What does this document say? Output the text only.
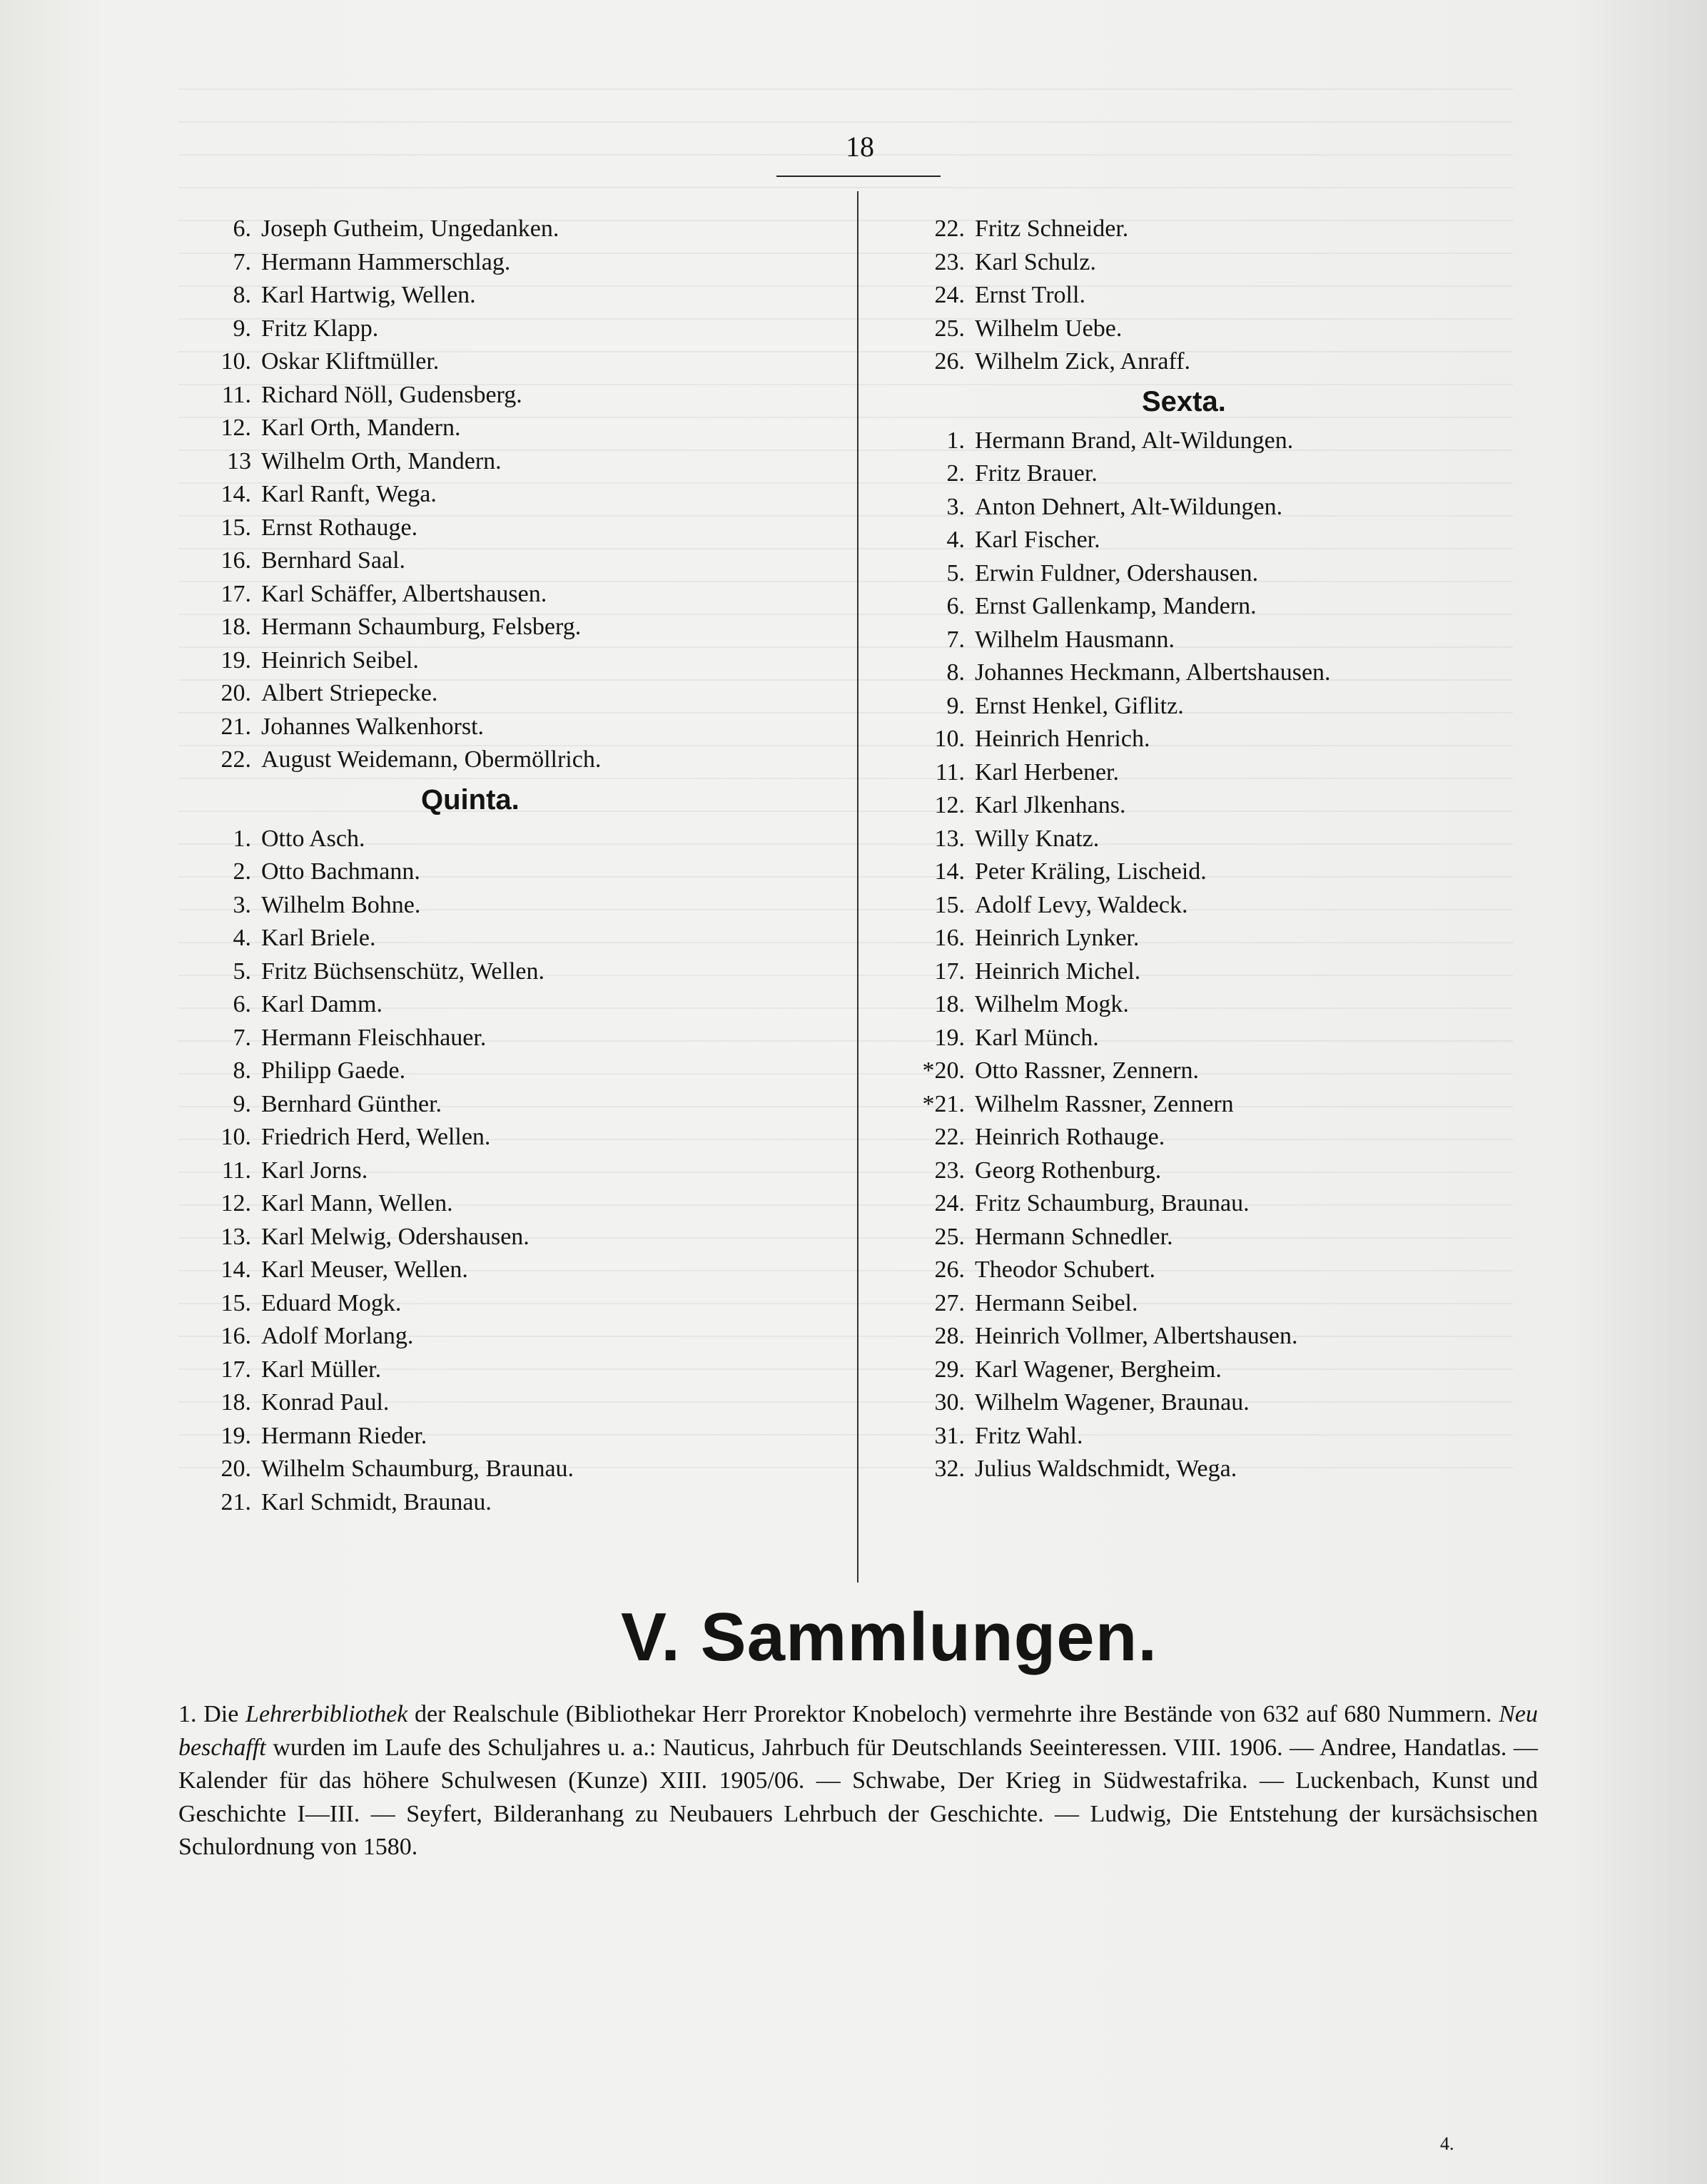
18
6. Joseph Gutheim, Ungedanken.
7. Hermann Hammerschlag.
8. Karl Hartwig, Wellen.
9. Fritz Klapp.
10. Oskar Kliftmüller.
11. Richard Nöll, Gudensberg.
12. Karl Orth, Mandern.
13 Wilhelm Orth, Mandern.
14. Karl Ranft, Wega.
15. Ernst Rothauge.
16. Bernhard Saal.
17. Karl Schäffer, Albertshausen.
18. Hermann Schaumburg, Felsberg.
19. Heinrich Seibel.
20. Albert Striepecke.
21. Johannes Walkenhorst.
22. August Weidemann, Obermöllrich.
Quinta.
1. Otto Asch.
2. Otto Bachmann.
3. Wilhelm Bohne.
4. Karl Briele.
5. Fritz Büchsenschütz, Wellen.
6. Karl Damm.
7. Hermann Fleischhauer.
8. Philipp Gaede.
9. Bernhard Günther.
10. Friedrich Herd, Wellen.
11. Karl Jorns.
12. Karl Mann, Wellen.
13. Karl Melwig, Odershausen.
14. Karl Meuser, Wellen.
15. Eduard Mogk.
16. Adolf Morlang.
17. Karl Müller.
18. Konrad Paul.
19. Hermann Rieder.
20. Wilhelm Schaumburg, Braunau.
21. Karl Schmidt, Braunau.
22. Fritz Schneider.
23. Karl Schulz.
24. Ernst Troll.
25. Wilhelm Uebe.
26. Wilhelm Zick, Anraff.
Sexta.
1. Hermann Brand, Alt-Wildungen.
2. Fritz Brauer.
3. Anton Dehnert, Alt-Wildungen.
4. Karl Fischer.
5. Erwin Fuldner, Odershausen.
6. Ernst Gallenkamp, Mandern.
7. Wilhelm Hausmann.
8. Johannes Heckmann, Albertshausen.
9. Ernst Henkel, Giflitz.
10. Heinrich Henrich.
11. Karl Herbener.
12. Karl Jlkenhans.
13. Willy Knatz.
14. Peter Kräling, Lischeid.
15. Adolf Levy, Waldeck.
16. Heinrich Lynker.
17. Heinrich Michel.
18. Wilhelm Mogk.
19. Karl Münch.
*20. Otto Rassner, Zennern.
*21. Wilhelm Rassner, Zennern
22. Heinrich Rothauge.
23. Georg Rothenburg.
24. Fritz Schaumburg, Braunau.
25. Hermann Schnedler.
26. Theodor Schubert.
27. Hermann Seibel.
28. Heinrich Vollmer, Albertshausen.
29. Karl Wagener, Bergheim.
30. Wilhelm Wagener, Braunau.
31. Fritz Wahl.
32. Julius Waldschmidt, Wega.
V. Sammlungen.
1. Die Lehrerbibliothek der Realschule (Bibliothekar Herr Prorektor Knobeloch) vermehrte ihre Bestände von 632 auf 680 Nummern. Neu beschafft wurden im Laufe des Schuljahres u. a.: Nauticus, Jahrbuch für Deutschlands Seeinteressen. VIII. 1906. — Andree, Handatlas. — Kalender für das höhere Schulwesen (Kunze) XIII. 1905/06. — Schwabe, Der Krieg in Südwestafrika. — Luckenbach, Kunst und Geschichte I—III. — Seyfert, Bilderanhang zu Neubauers Lehrbuch der Geschichte. — Ludwig, Die Entstehung der kursächsischen Schulordnung von 1580.
4.
